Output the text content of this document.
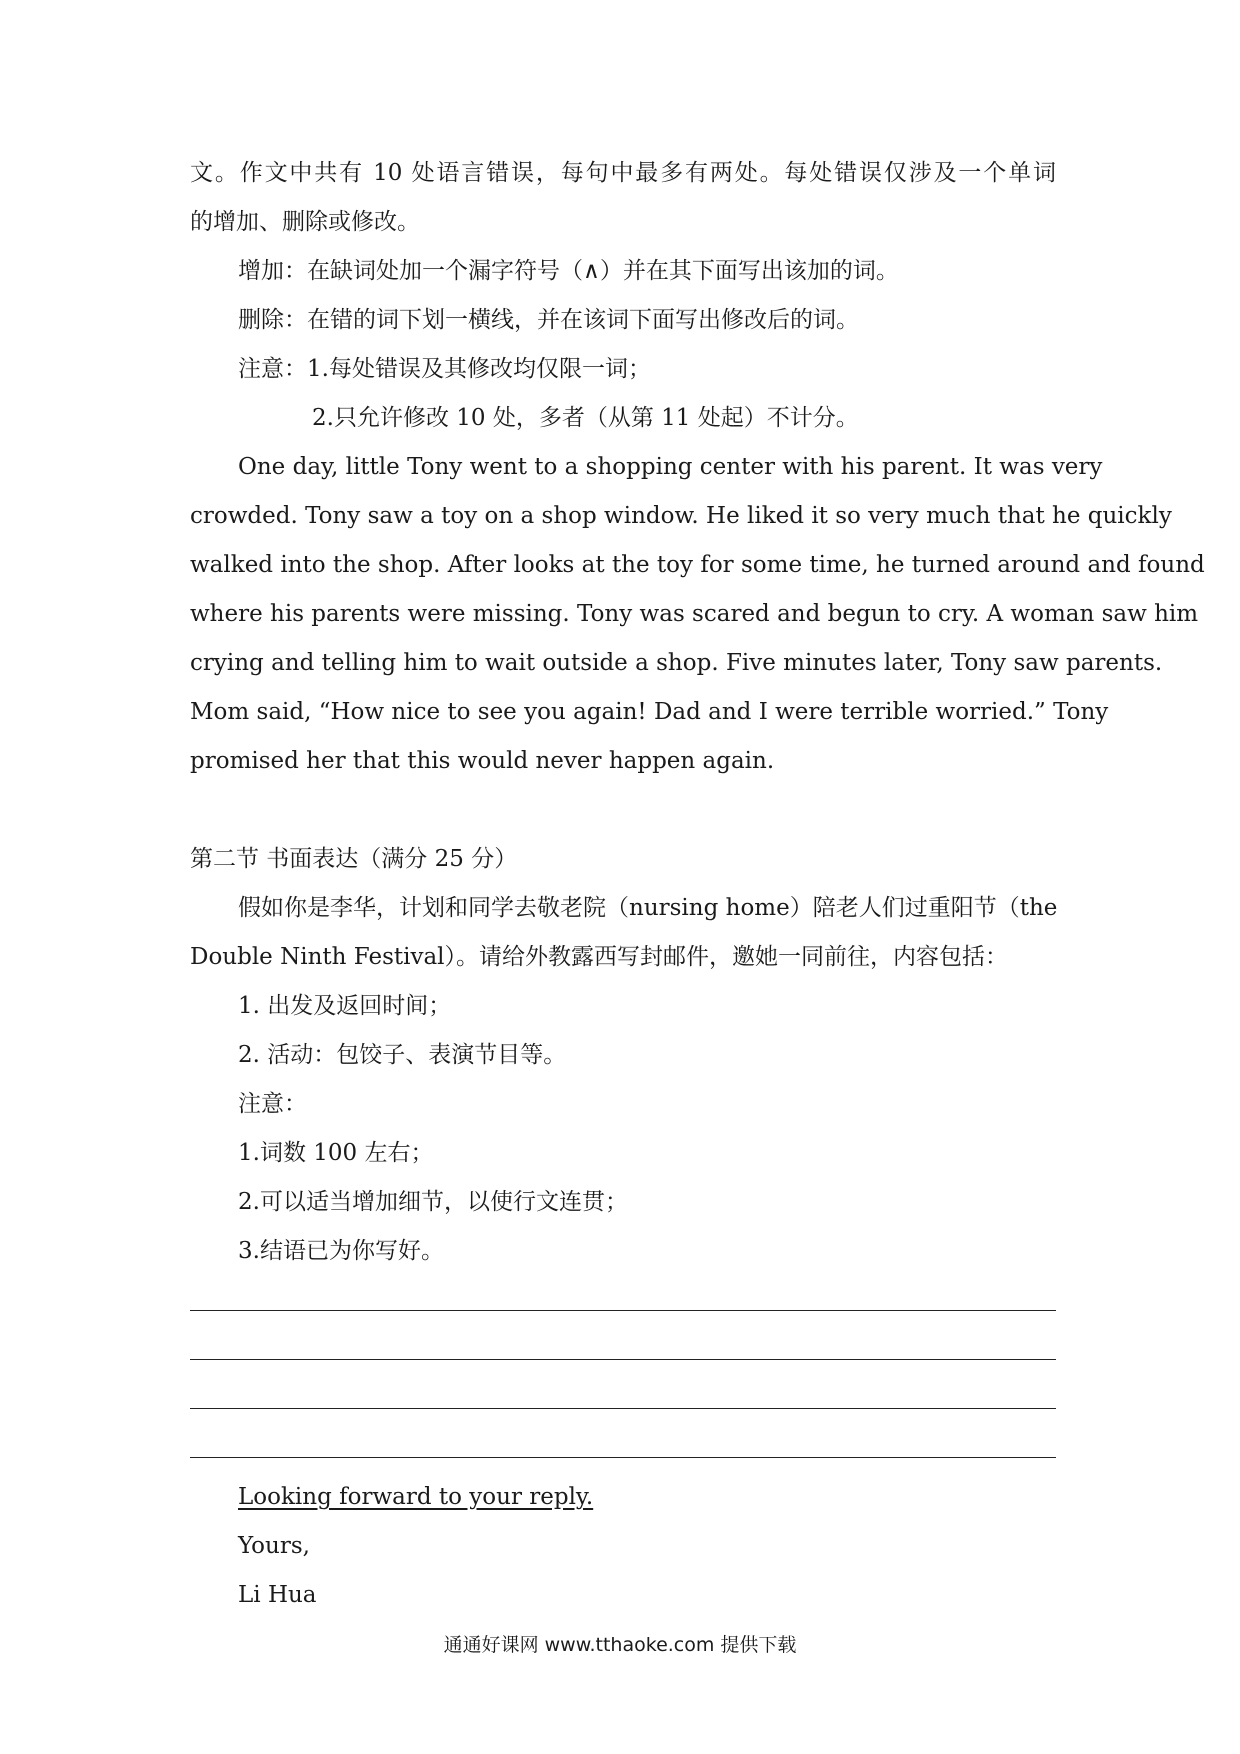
文。作文中共有 10 处语言错误，每句中最多有两处。每处错误仅涉及一个单词
的增加、删除或修改。
增加：在缺词处加一个漏字符号（∧）并在其下面写出该加的词。
删除：在错的词下划一横线，并在该词下面写出修改后的词。
注意：1.每处错误及其修改均仅限一词；
2.只允许修改 10 处，多者（从第 11 处起）不计分。
One day, little Tony went to a shopping center with his parent. It was very
crowded. Tony saw a toy on a shop window. He liked it so very much that he quickly
walked into the shop. After looks at the toy for some time, he turned around and found
where his parents were missing. Tony was scared and begun to cry. A woman saw him
crying and telling him to wait outside a shop. Five minutes later, Tony saw parents.
Mom said, “How nice to see you again! Dad and I were terrible worried.” Tony
promised her that this would never happen again.
第二节 书面表达（满分 25 分）
假如你是李华，计划和同学去敬老院（nursing home）陪老人们过重阳节（the
Double Ninth Festival）。请给外教露西写封邮件，邀她一同前往，内容包括：
1. 出发及返回时间；
2. 活动：包饺子、表演节目等。
注意：
1.词数 100 左右；
2.可以适当增加细节，以使行文连贯；
3.结语已为你写好。
Looking forward to your reply.
Yours,
Li Hua
通通好课网 www.tthaoke.com 提供下载
